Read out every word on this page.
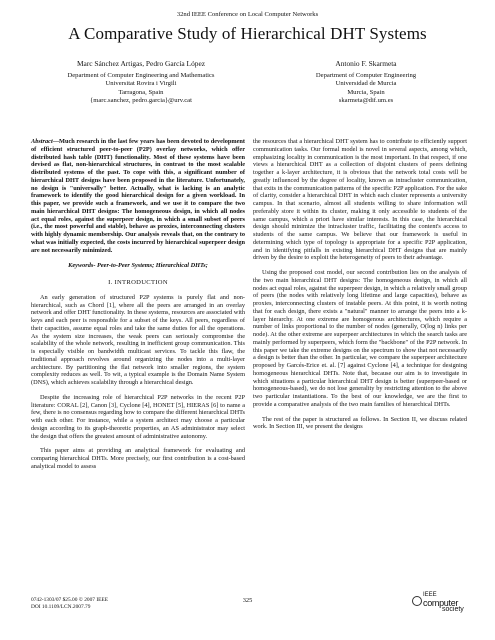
32nd IEEE Conference on Local Computer Networks
A Comparative Study of Hierarchical DHT Systems
Marc Sánchez Artigas, Pedro García López
Department of Computer Engineering and Mathematics
Universitat Rovira i Virgili
Tarragona, Spain
{marc.sanchez, pedro.garcia}@urv.cat
Antonio F. Skarmeta
Department of Computer Engineering
Universidad de Murcia
Murcia, Spain
skarmeta@dif.um.es

Abstract—Much research in the last few years has been devoted to development of efficient structured peer-to-peer (P2P) overlay networks, which offer distributed hash table (DHT) functionality. Most of these systems have been devised as flat, non-hierarchical structures, in contrast to the most scalable distributed systems of the past. To cope with this, a significant number of hierarchical DHT designs have been proposed in the literature. Unfortunately, no design is "universally" better. Actually, what is lacking is an analytic framework to identify the good hierarchical design for a given workload. In this paper, we provide such a framework, and we use it to compare the two main hierarchical DHT designs: The homogeneous design, in which all nodes act equal roles, against the superpeer design, in which a small subset of peers (i.e., the most powerful and stable), behave as proxies, interconnecting clusters with highly dynamic membership. Our analysis reveals that, on the contrary to what was initially expected, the costs incurred by hierarchical superpeer design are not necessarily minimized.

Keywords- Peer-to-Peer Systems; Hierarchical DHTs;
I. INTRODUCTION

An early generation of structured P2P systems is purely flat and non-hierarchical, such as Chord [1], where all the peers are arranged in an overlay network and offer DHT functionality. In these systems, resources are associated with keys and each peer is responsible for a subset of the keys. All peers, regardless of their capacities, assume equal roles and take the same duties for all the operations. As the system size increases, the weak peers can seriously compromise the scalability of the whole network, resulting in inefficient group communication. This is especially visible on bandwidth multicast services. To tackle this flaw, the traditional approach revolves around organizing the nodes into a multi-layer architecture. By partitioning the flat network into smaller regions, the system complexity reduces as well. To wit, a typical example is the Domain Name System (DNS), which achieves scalability through a hierarchical design.

Despite the increasing role of hierarchical P2P networks in the recent P2P literature: CORAL [2], Canon [3], Cyclone [4], HONET [5], HIERAS [6] to name a few, there is no consensus regarding how to compare the different hierarchical DHTs with each other. For instance, while a system architect may choose a particular design according to its graph-theoretic properties, an AS administrator may select the design that offers the greatest amount of administrative autonomy.

This paper aims at providing an analytical framework for evaluating and comparing hierarchical DHTs. More precisely, our first contribution is a cost-based analytical model to assess

the resources that a hierarchical DHT system has to contribute to efficiently support communication tasks. Our formal model is novel in several aspects, among which, emphasizing locality in communication is the most important. In that respect, if one views a hierarchical DHT as a collection of disjoint clusters of peers defining together a k-layer architecture, it is obvious that the network total costs will be greatly influenced by the degree of locality, known as intracluster communication, that exits in the communication patterns of the specific P2P application. For the sake of clarity, consider a hierarchical DHT in which each cluster represents a university campus. In that scenario, almost all students willing to share information will preferably store it within its cluster, making it only accessible to students of the same campus, which a priori have similar interests. In this case, the hierarchical design should minimize the intracluster traffic, facilitating the content's access to students of the same campus. We believe that our framework is useful in determining which type of topology is appropriate for a specific P2P application, and in identifying pitfalls in existing hierarchical DHT designs that are mainly driven by the desire to exploit the heterogeneity of peers to their advantage.

Using the proposed cost model, our second contribution lies on the analysis of the two main hierarchical DHT designs: The homogeneous design, in which all nodes act equal roles, against the superpeer design, in which a relatively small group of peers (the nodes with relatively long lifetime and large capacities), behave as proxies, interconnecting clusters of instable peers. At this point, it is worth noting that for each design, there exists a "natural" manner to arrange the peers into a k-layer hierarchy. At one extreme are homogenous architectures, which require a number of links proportional to the number of nodes (generally, O(log n) links per node). At the other extreme are superpeer architectures in which the search tasks are mainly performed by superpeers, which form the "backbone" of the P2P network. In this paper we take the extreme designs on the spectrum to show that not necessarily a design is better than the other. In particular, we compare the superpeer architecture proposed by Garcés-Erice et. al. [7] against Cyclone [4], a technique for designing homogeneous hierarchical DHTs. Note that, because our aim is to investigate in which situations a particular hierarchical DHT design is better (superpeer-based or homogeneous-based), we do not lose generality by restricting attention to the above two particular instantiations. To the best of our knowledge, we are the first to provide a comparative analysis of the two main families of hierarchical DHTs.

The rest of the paper is structured as follows. In Section II, we discuss related work. In Section III, we present the designs

0742-1303/07 $25.00 © 2007 IEEE
DOI 10.1109/LCN.2007.79
325
IEEE
computer
society
